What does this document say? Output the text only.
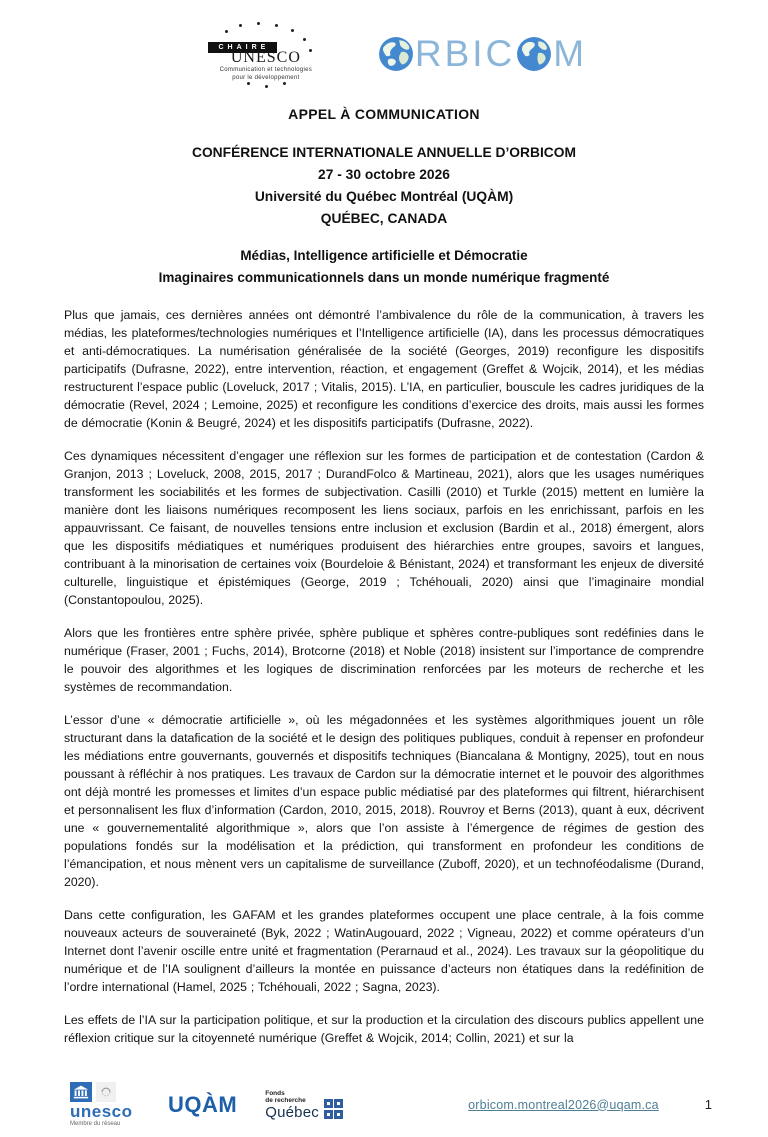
CHAIRE
UNESCO
Communication et technologies
pour le développement
RBIC M
APPEL À COMMUNICATION
CONFÉRENCE INTERNATIONALE ANNUELLE D’ORBICOM
27 - 30 octobre 2026
Université du Québec Montréal (UQÀM)
QUÉBEC, CANADA
Médias, Intelligence artificielle et Démocratie
Imaginaires communicationnels dans un monde numérique fragmenté

Plus que jamais, ces dernières années ont démontré l’ambivalence du rôle de la communication, à travers les médias, les plateformes/technologies numériques et l’Intelligence artificielle (IA), dans les processus démocratiques et anti-démocratiques. La numérisation généralisée de la société (Georges, 2019) reconfigure les dispositifs participatifs (Dufrasne, 2022), entre intervention, réaction, et engagement (Greffet & Wojcik, 2014), et les médias restructurent l’espace public (Loveluck, 2017 ; Vitalis, 2015). L’IA, en particulier, bouscule les cadres juridiques de la démocratie (Revel, 2024 ; Lemoine, 2025) et reconfigure les conditions d’exercice des droits, mais aussi les formes de démocratie (Konin & Beugré, 2024) et les dispositifs participatifs (Dufrasne, 2022).

Ces dynamiques nécessitent d’engager une réflexion sur les formes de participation et de contestation (Cardon & Granjon, 2013 ; Loveluck, 2008, 2015, 2017 ; DurandFolco & Martineau, 2021), alors que les usages numériques transforment les sociabilités et les formes de subjectivation. Casilli (2010) et Turkle (2015) mettent en lumière la manière dont les liaisons numériques recomposent les liens sociaux, parfois en les enrichissant, parfois en les appauvrissant. Ce faisant, de nouvelles tensions entre inclusion et exclusion (Bardin et al., 2018) émergent, alors que les dispositifs médiatiques et numériques produisent des hiérarchies entre groupes, savoirs et langues, contribuant à la minorisation de certaines voix (Bourdeloie & Bénistant, 2024) et transformant les enjeux de diversité culturelle, linguistique et épistémiques (George, 2019 ; Tchéhouali, 2020) ainsi que l’imaginaire mondial (Constantopoulou, 2025).

Alors que les frontières entre sphère privée, sphère publique et sphères contre-publiques sont redéfinies dans le numérique (Fraser, 2001 ; Fuchs, 2014), Brotcorne (2018) et Noble (2018) insistent sur l’importance de comprendre le pouvoir des algorithmes et les logiques de discrimination renforcées par les moteurs de recherche et les systèmes de recommandation.

L’essor d’une « démocratie artificielle », où les mégadonnées et les systèmes algorithmiques jouent un rôle structurant dans la datafication de la société et le design des politiques publiques, conduit à repenser en profondeur les médiations entre gouvernants, gouvernés et dispositifs techniques (Biancalana & Montigny, 2025), tout en nous poussant à réfléchir à nos pratiques. Les travaux de Cardon sur la démocratie internet et le pouvoir des algorithmes ont déjà montré les promesses et limites d’un espace public médiatisé par des plateformes qui filtrent, hiérarchisent et personnalisent les flux d’information (Cardon, 2010, 2015, 2018). Rouvroy et Berns (2013), quant à eux, décrivent une « gouvernementalité algorithmique », alors que l’on assiste à l’émergence de régimes de gestion des populations fondés sur la modélisation et la prédiction, qui transforment en profondeur les conditions de l’émancipation, et nous mènent vers un capitalisme de surveillance (Zuboff, 2020), et un technoféodalisme (Durand, 2020).

Dans cette configuration, les GAFAM et les grandes plateformes occupent une place centrale, à la fois comme nouveaux acteurs de souveraineté (Byk, 2022 ; WatinAugouard, 2022 ; Vigneau, 2022) et comme opérateurs d’un Internet dont l’avenir oscille entre unité et fragmentation (Perarnaud et al., 2024). Les travaux sur la géopolitique du numérique et de l’IA soulignent d’ailleurs la montée en puissance d’acteurs non étatiques dans la redéfinition de l’ordre international (Hamel, 2025 ; Tchéhouali, 2022 ; Sagna, 2023).

Les effets de l’IA sur la participation politique, et sur la production et la circulation des discours publics appellent une réflexion critique sur la citoyenneté numérique (Greffet & Wojcik, 2014; Collin, 2021) et sur la

unesco
Membre du réseau
UQÀM	Fonds
de recherche
Québec	orbicom.montreal2026@uqam.ca	1
